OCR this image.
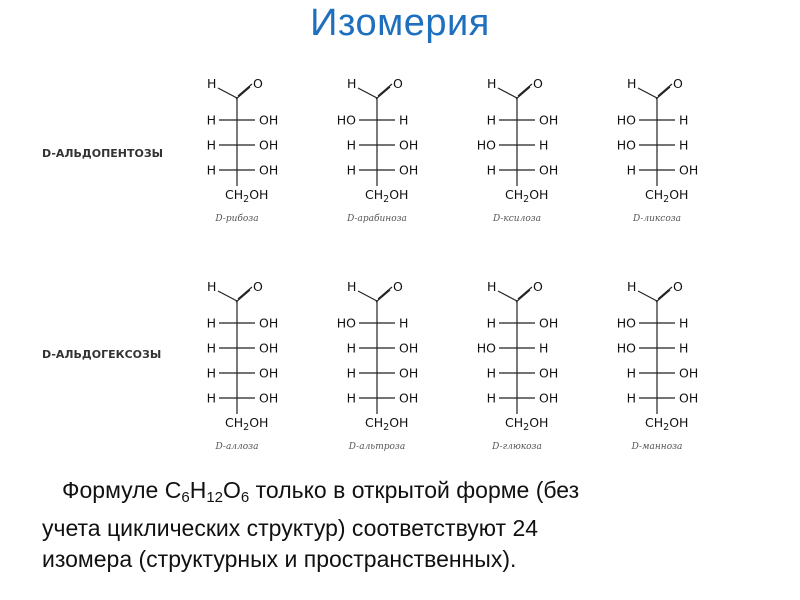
Изомерия
D-АЛЬДОПЕНТОЗЫ
D-АЛЬДОГЕКСОЗЫ
H	O
H	OH
H	OH
H	OH
$CH_2OH$
D-рибоза
H	O
HO	H
H	OH
H	OH
$CH_2OH$
D-арабиноза
H	O
H	OH
HO	H
H	OH
$CH_2OH$
D-ксилоза
H	O
HO	H
HO	H
H	OH
$CH_2OH$
D-ликсоза
H	O
H	OH
H	OH
H	OH
H	OH
$CH_2OH$
D-аллоза
H	O
HO	H
H	OH
H	OH
H	OH
$CH_2OH$
D-альтроза
H	O
H	OH
HO	H
H	OH
H	OH
$CH_2OH$
D-глюкоза
H	O
HO	H
HO	H
H	OH
H	OH
$CH_2OH$
D-манноза
Формуле $С_6Н_{12}О_6$ только в открытой форме (без
учета циклических структур) соответствуют 24
изомера (структурных и пространственных).
